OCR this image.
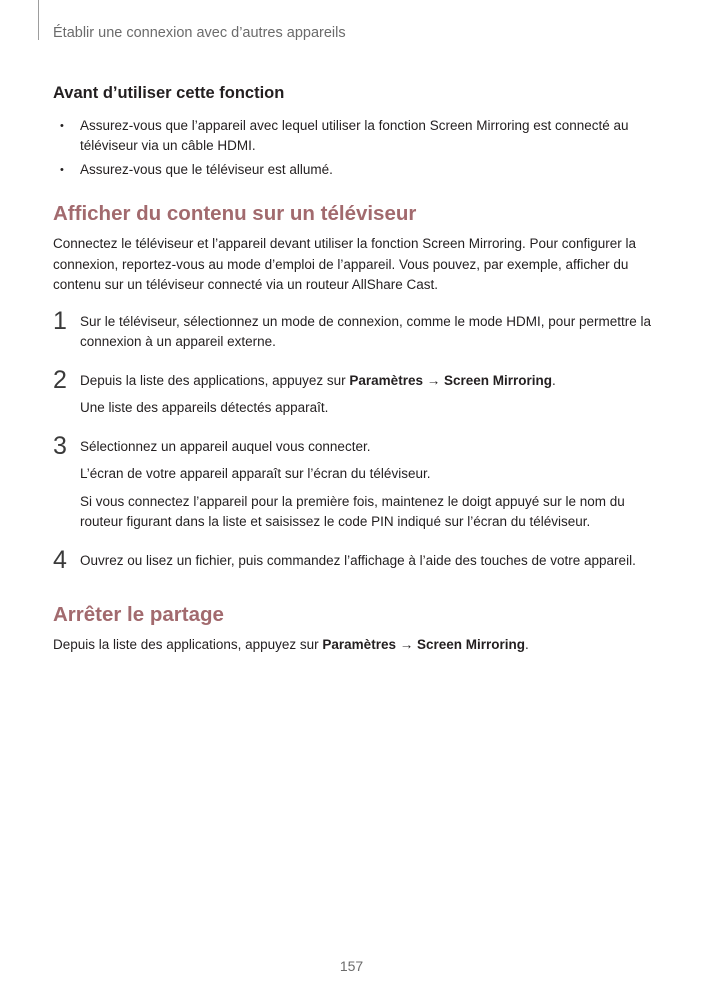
Établir une connexion avec d’autres appareils
Avant d’utiliser cette fonction
• Assurez-vous que l’appareil avec lequel utiliser la fonction Screen Mirroring est connecté au téléviseur via un câble HDMI.
• Assurez-vous que le téléviseur est allumé.
Afficher du contenu sur un téléviseur

Connectez le téléviseur et l’appareil devant utiliser la fonction Screen Mirroring. Pour configurer la connexion, reportez-vous au mode d’emploi de l’appareil. Vous pouvez, par exemple, afficher du contenu sur un téléviseur connecté via un routeur AllShare Cast.

1 Sur le téléviseur, sélectionnez un mode de connexion, comme le mode HDMI, pour permettre la connexion à un appareil externe.

2 Depuis la liste des applications, appuyez sur Paramètres → Screen Mirroring.

Une liste des appareils détectés apparaît.

3 Sélectionnez un appareil auquel vous connecter.

L’écran de votre appareil apparaît sur l’écran du téléviseur.

Si vous connectez l’appareil pour la première fois, maintenez le doigt appuyé sur le nom du routeur figurant dans la liste et saisissez le code PIN indiqué sur l’écran du téléviseur.

4 Ouvrez ou lisez un fichier, puis commandez l’affichage à l’aide des touches de votre appareil.

Arrêter le partage

Depuis la liste des applications, appuyez sur Paramètres → Screen Mirroring.

157
